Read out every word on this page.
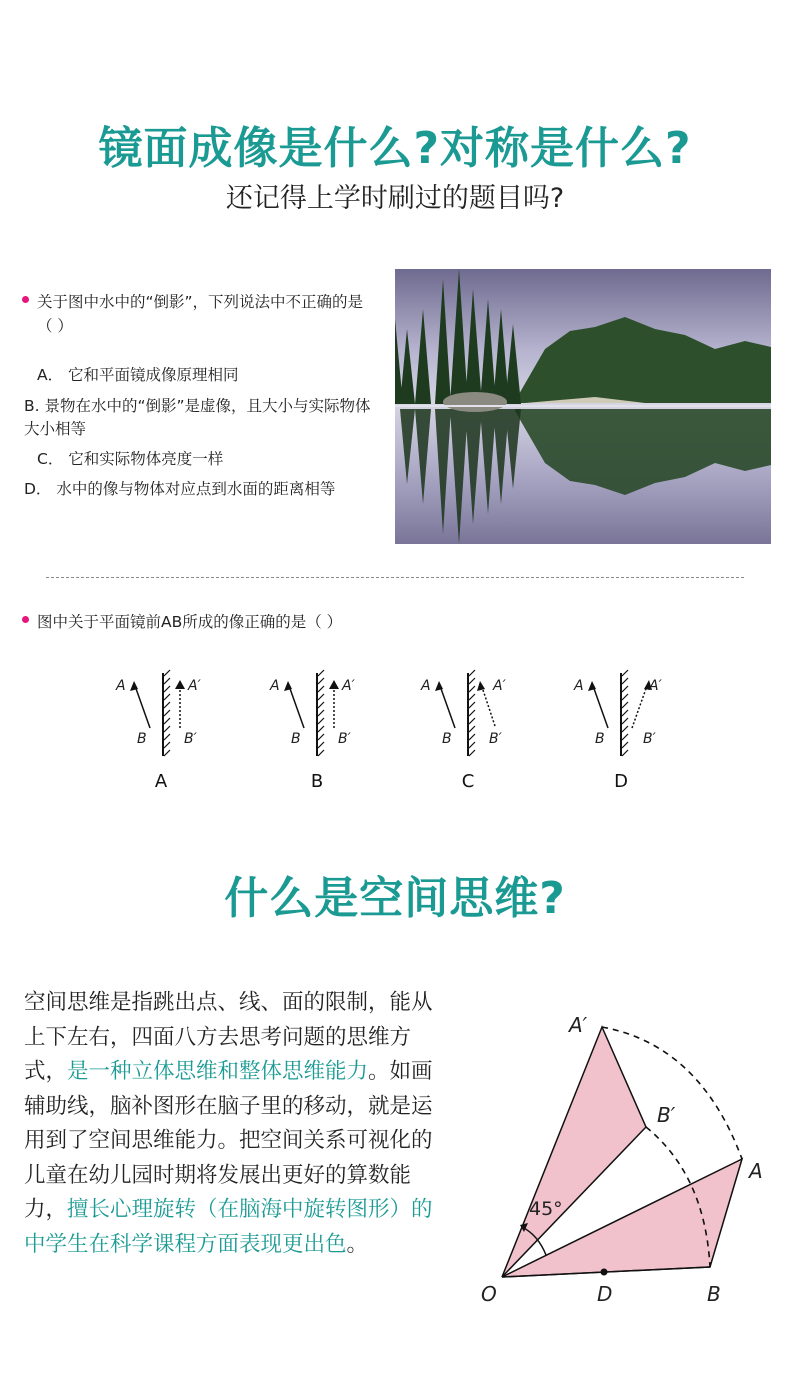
镜面成像是什么?对称是什么?
还记得上学时刷过的题目吗?
关于图中水中的“倒影”，下列说法中不正确的是（ ）
A． 它和平面镜成像原理相同
B. 景物在水中的“倒影”是虚像，且大小与实际物体大小相等
C． 它和实际物体亮度一样
D． 水中的像与物体对应点到水面的距离相等
图中关于平面镜前AB所成的像正确的是（ ）
A
B
A′
B′
A
B
A′
B′
A
B
A′
B′
A
B
A′
B′
A	B	C	D
什么是空间思维?
空间思维是指跳出点、线、面的限制，能从上下左右，四面八方去思考问题的思维方式，是一种立体思维和整体思维能力。如画辅助线，脑补图形在脑子里的移动，就是运用到了空间思维能力。把空间关系可视化的儿童在幼儿园时期将发展出更好的算数能力，擅长心理旋转（在脑海中旋转图形）的中学生在科学课程方面表现更出色。
45°
O	D	B
A
B′
A′
